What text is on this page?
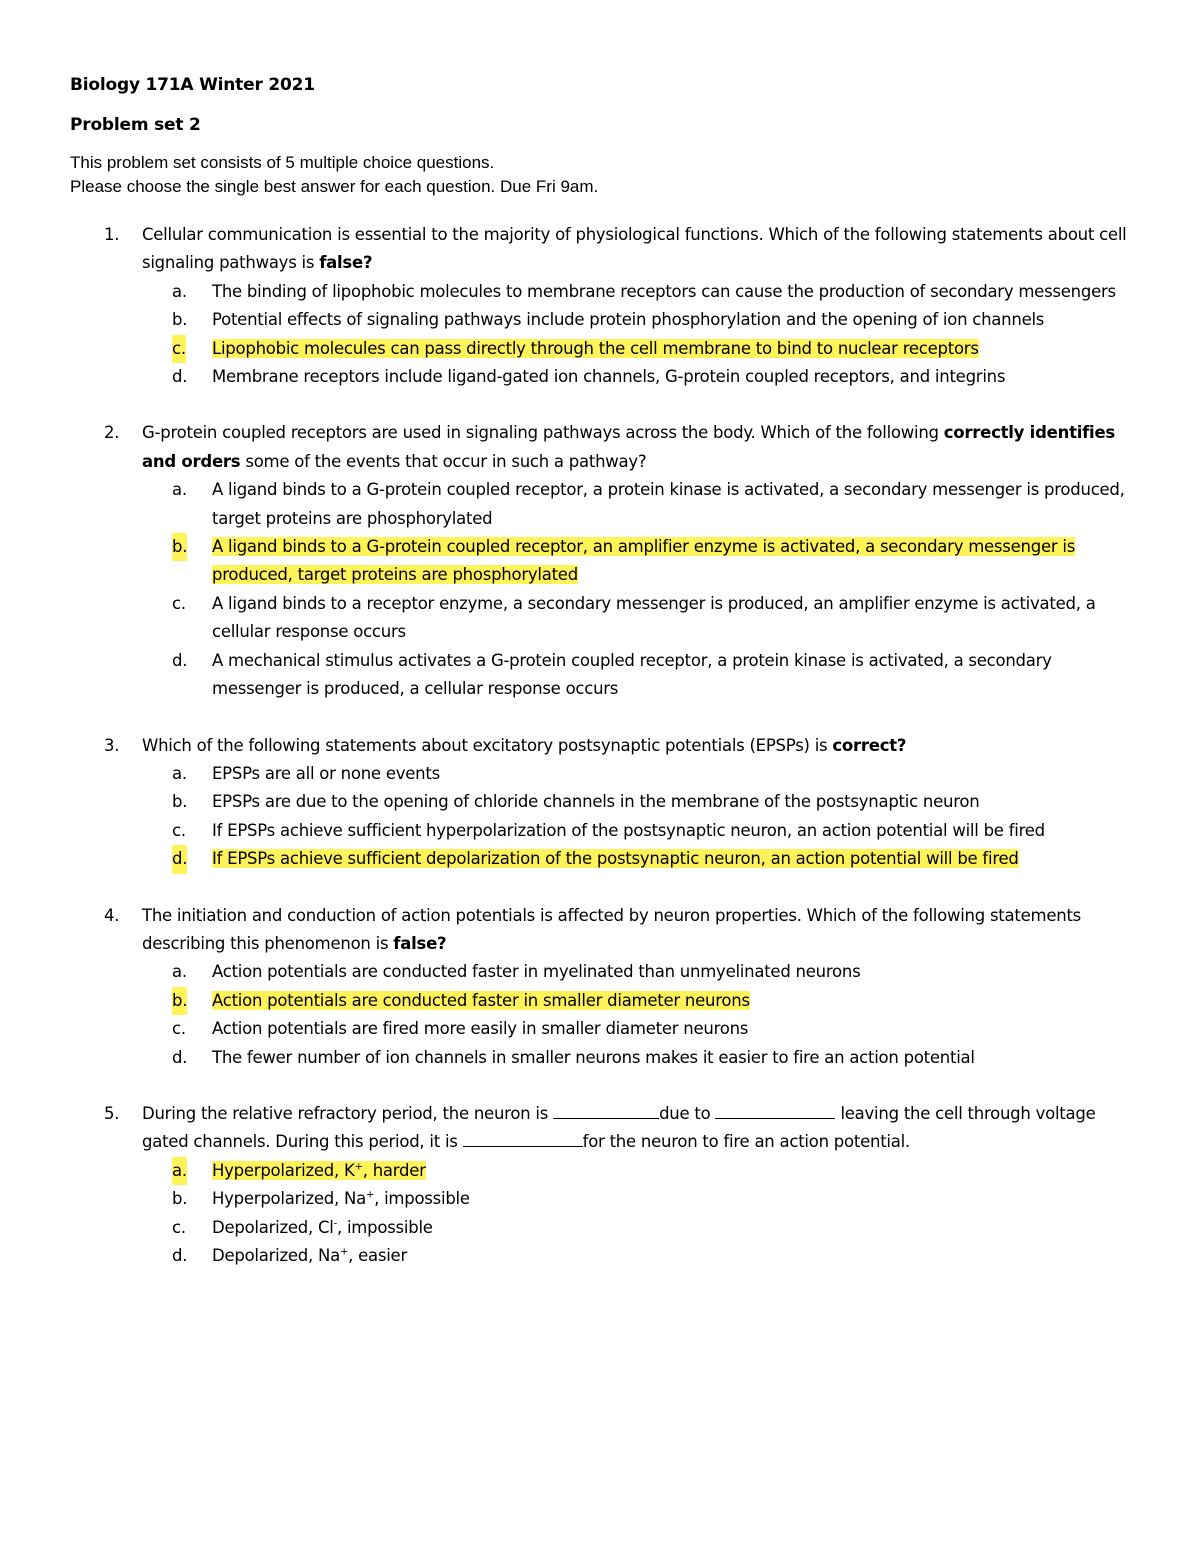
Biology 171A Winter 2021

Problem set 2

This problem set consists of 5 multiple choice questions.
Please choose the single best answer for each question. Due Fri 9am.
1. Cellular communication is essential to the majority of physiological functions. Which of the following statements about cell signaling pathways is false?
a. The binding of lipophobic molecules to membrane receptors can cause the production of secondary messengers
b. Potential effects of signaling pathways include protein phosphorylation and the opening of ion channels
c. Lipophobic molecules can pass directly through the cell membrane to bind to nuclear receptors
d. Membrane receptors include ligand-gated ion channels, G-protein coupled receptors, and integrins
2. G-protein coupled receptors are used in signaling pathways across the body. Which of the following correctly identifies and orders some of the events that occur in such a pathway?
a. A ligand binds to a G-protein coupled receptor, a protein kinase is activated, a secondary messenger is produced, target proteins are phosphorylated
b. A ligand binds to a G-protein coupled receptor, an amplifier enzyme is activated, a secondary messenger is produced, target proteins are phosphorylated
c. A ligand binds to a receptor enzyme, a secondary messenger is produced, an amplifier enzyme is activated, a cellular response occurs
d. A mechanical stimulus activates a G-protein coupled receptor, a protein kinase is activated, a secondary messenger is produced, a cellular response occurs
3. Which of the following statements about excitatory postsynaptic potentials (EPSPs) is correct?
a. EPSPs are all or none events
b. EPSPs are due to the opening of chloride channels in the membrane of the postsynaptic neuron
c. If EPSPs achieve sufficient hyperpolarization of the postsynaptic neuron, an action potential will be fired
d. If EPSPs achieve sufficient depolarization of the postsynaptic neuron, an action potential will be fired
4. The initiation and conduction of action potentials is affected by neuron properties. Which of the following statements describing this phenomenon is false?
a. Action potentials are conducted faster in myelinated than unmyelinated neurons
b. Action potentials are conducted faster in smaller diameter neurons
c. Action potentials are fired more easily in smaller diameter neurons
d. The fewer number of ion channels in smaller neurons makes it easier to fire an action potential
5. During the relative refractory period, the neuron is	due to	leaving the cell through voltage gated channels. During this period, it is	for the neuron to fire an action potential.
a. Hyperpolarized, K+, harder
b. Hyperpolarized, Na+, impossible
c. Depolarized, Cl-, impossible
d. Depolarized, Na+, easier
